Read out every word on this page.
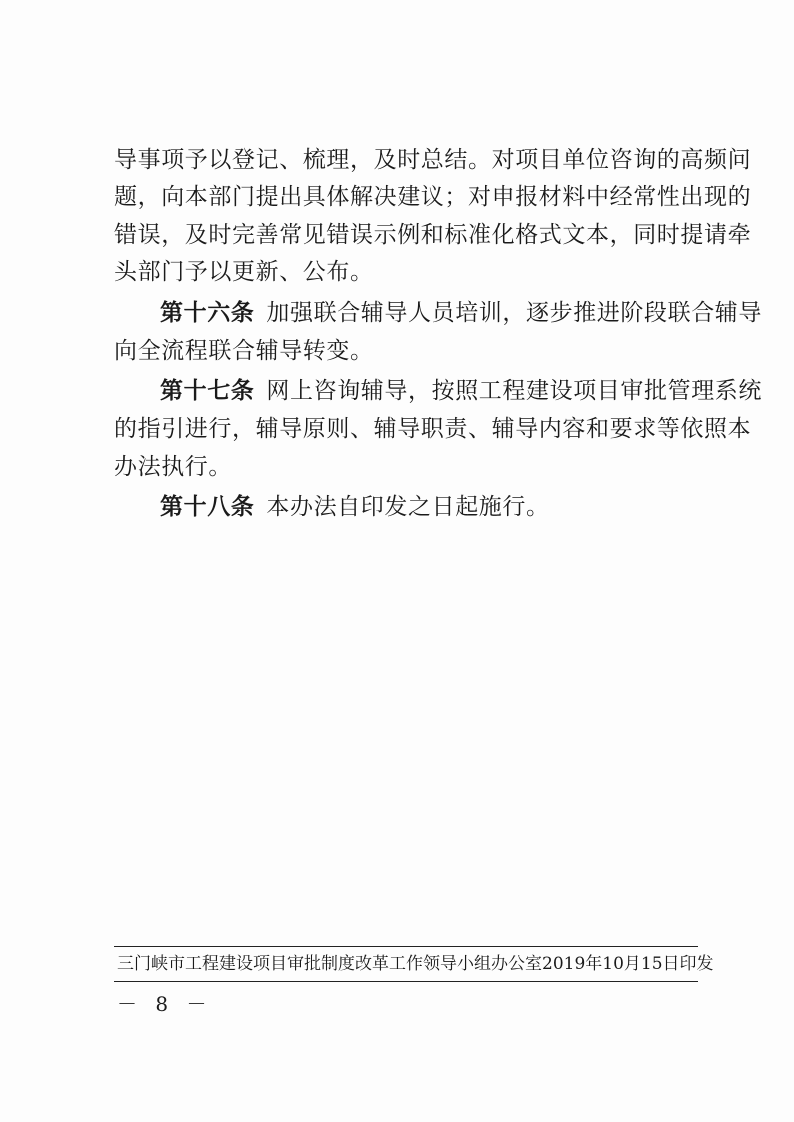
导事项予以登记、梳理，及时总结。对项目单位咨询的高频问
题，向本部门提出具体解决建议；对申报材料中经常性出现的
错误，及时完善常见错误示例和标准化格式文本，同时提请牵
头部门予以更新、公布。
第十六条 加强联合辅导人员培训，逐步推进阶段联合辅导
向全流程联合辅导转变。
第十七条 网上咨询辅导，按照工程建设项目审批管理系统
的指引进行，辅导原则、辅导职责、辅导内容和要求等依照本
办法执行。
第十八条 本办法自印发之日起施行。
三门峡市工程建设项目审批制度改革工作领导小组办公室 2019年10月15日印发
－ 8 －
